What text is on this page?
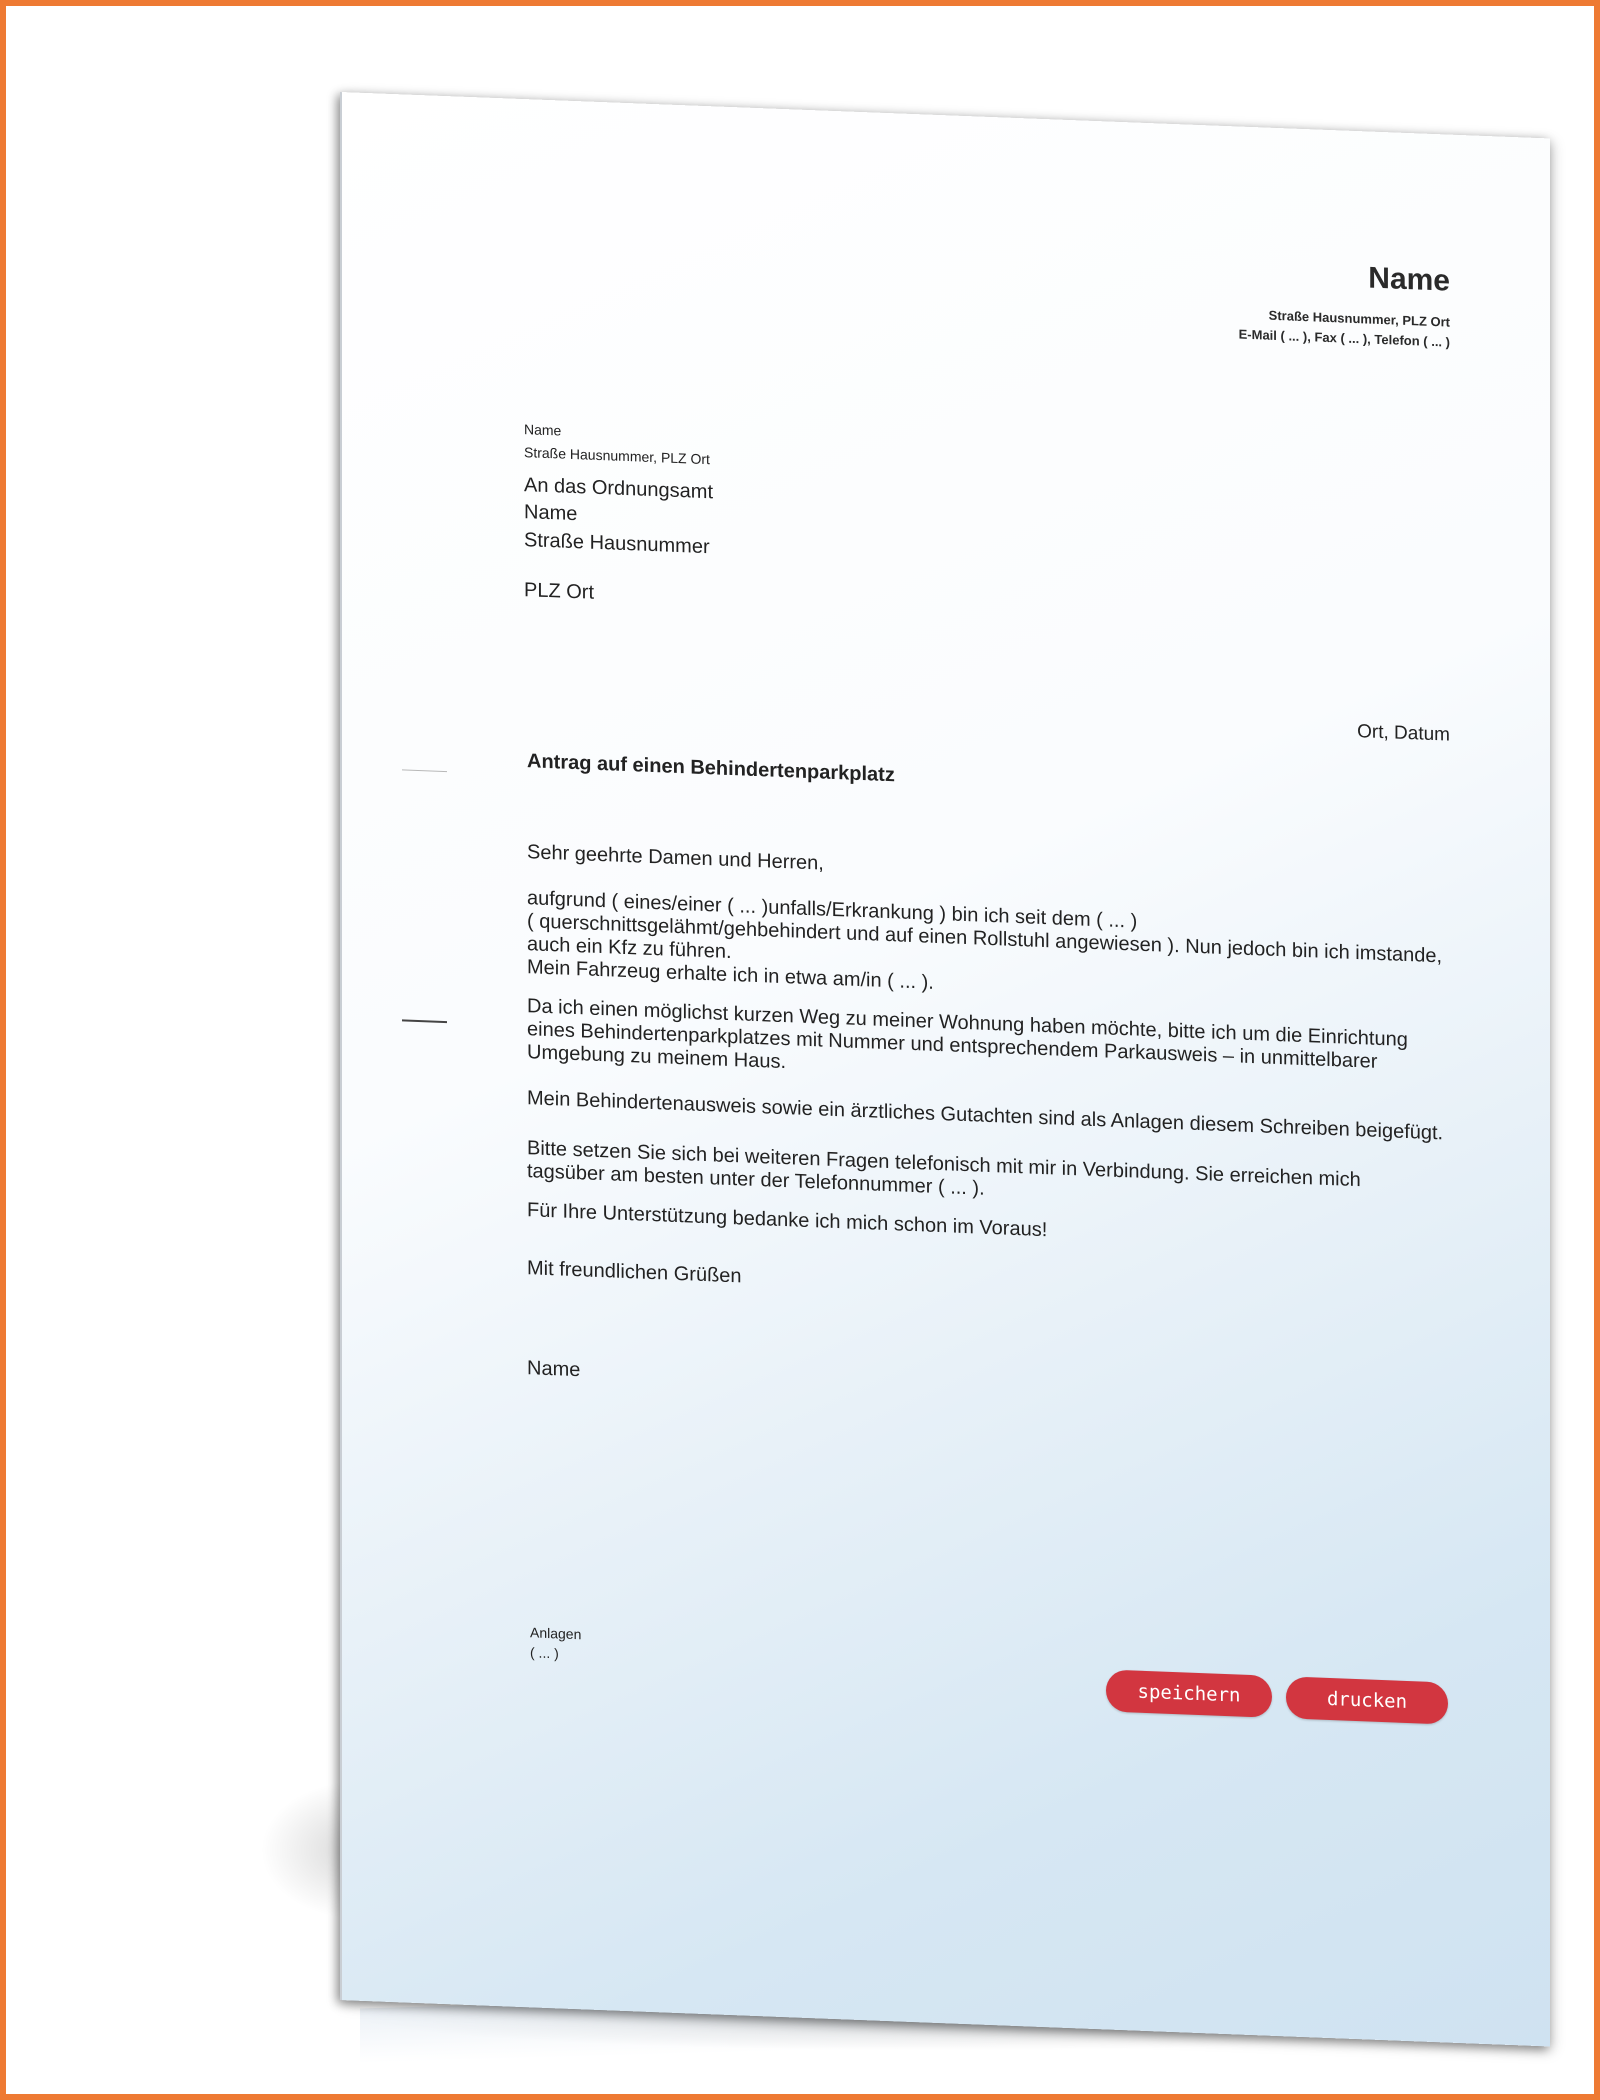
Name
Straße Hausnummer, PLZ Ort
E-Mail ( ... ), Fax ( ... ), Telefon ( ... )
Name
Straße Hausnummer, PLZ Ort
An das Ordnungsamt
Name
Straße Hausnummer
PLZ Ort
Ort, Datum
Antrag auf einen Behindertenparkplatz
Sehr geehrte Damen und Herren,
aufgrund ( eines/einer ( ... )unfalls/Erkrankung ) bin ich seit dem ( ... )
( querschnittsgelähmt/gehbehindert und auf einen Rollstuhl angewiesen ). Nun jedoch bin ich imstande,
auch ein Kfz zu führen.
Mein Fahrzeug erhalte ich in etwa am/in ( ... ).
Da ich einen möglichst kurzen Weg zu meiner Wohnung haben möchte, bitte ich um die Einrichtung
eines Behindertenparkplatzes mit Nummer und entsprechendem Parkausweis – in unmittelbarer
Umgebung zu meinem Haus.
Mein Behindertenausweis sowie ein ärztliches Gutachten sind als Anlagen diesem Schreiben beigefügt.
Bitte setzen Sie sich bei weiteren Fragen telefonisch mit mir in Verbindung. Sie erreichen mich
tagsüber am besten unter der Telefonnummer ( ... ).
Für Ihre Unterstützung bedanke ich mich schon im Voraus!
Mit freundlichen Grüßen
Name
Anlagen
( ... )
speichern	drucken
